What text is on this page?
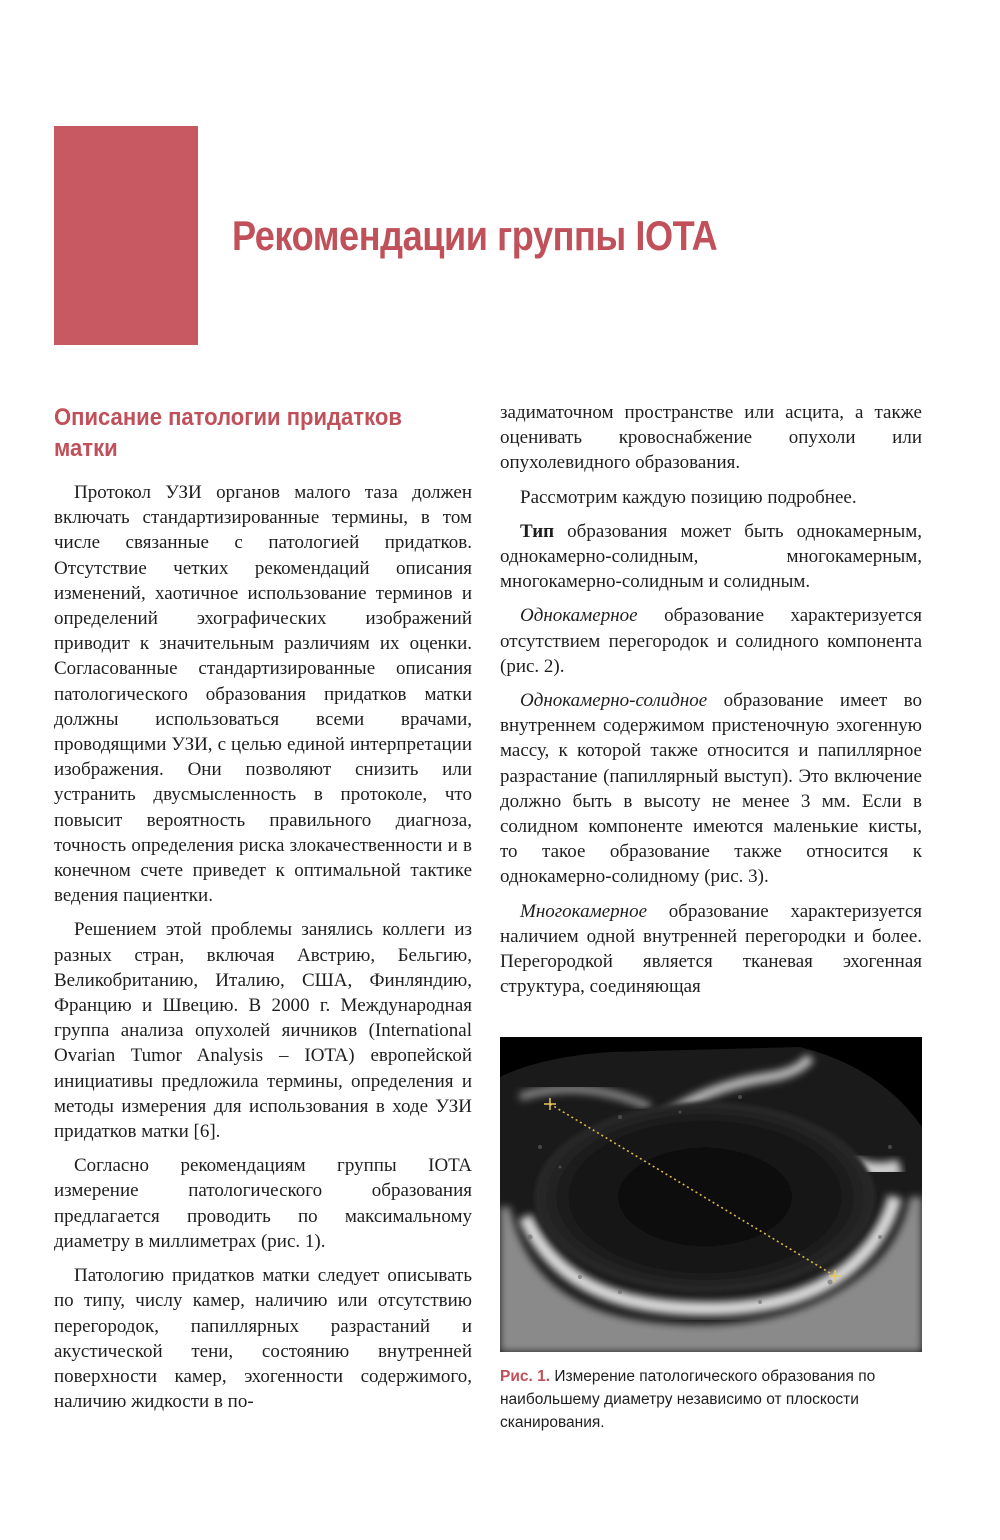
Рекомендации группы IOTA
Описание патологии придатков матки

Протокол УЗИ органов малого таза должен включать стандартизированные термины, в том числе связанные с патологией придатков. Отсутствие четких рекомендаций описания изменений, хаотичное использование терминов и определений эхографических изображений приводит к значительным различиям их оценки. Согласованные стандартизированные описания патологического образования придатков матки должны использоваться всеми врачами, проводящими УЗИ, с целью единой интерпретации изображения. Они позволяют снизить или устранить двусмысленность в протоколе, что повысит вероятность правильного диагноза, точность определения риска злокачественности и в конечном счете приведет к оптимальной тактике ведения пациентки.

Решением этой проблемы занялись коллеги из разных стран, включая Австрию, Бельгию, Великобританию, Италию, США, Финляндию, Францию и Швецию. В 2000 г. Международная группа анализа опухолей яичников (International Ovarian Tumor Analysis – IOTA) европейской инициативы предложила термины, определения и методы измерения для использования в ходе УЗИ придатков матки [6].

Согласно рекомендациям группы IOTA измерение патологического образования предлагается проводить по максимальному диаметру в миллиметрах (рис. 1).

Патологию придатков матки следует описывать по типу, числу камер, наличию или отсутствию перегородок, папиллярных разрастаний и акустической тени, состоянию внутренней поверхности камер, эхогенности содержимого, наличию жидкости в по-

задиматочном пространстве или асцита, а также оценивать кровоснабжение опухоли или опухолевидного образования.

Рассмотрим каждую позицию подробнее.

Тип образования может быть однокамерным, однокамерно-солидным, многокамерным, многокамерно-солидным и солидным.

Однокамерное образование характеризуется отсутствием перегородок и солидного компонента (рис. 2).

Однокамерно-солидное образование имеет во внутреннем содержимом пристеночную эхогенную массу, к которой также относится и папиллярное разрастание (папиллярный выступ). Это включение должно быть в высоту не менее 3 мм. Если в солидном компоненте имеются маленькие кисты, то такое образование также относится к однокамерно-солидному (рис. 3).

Многокамерное образование характеризуется наличием одной внутренней перегородки и более. Перегородкой является тканевая эхогенная структура, соединяющая

Рис. 1. Измерение патологического образования по наибольшему диаметру независимо от плоскости сканирования.
